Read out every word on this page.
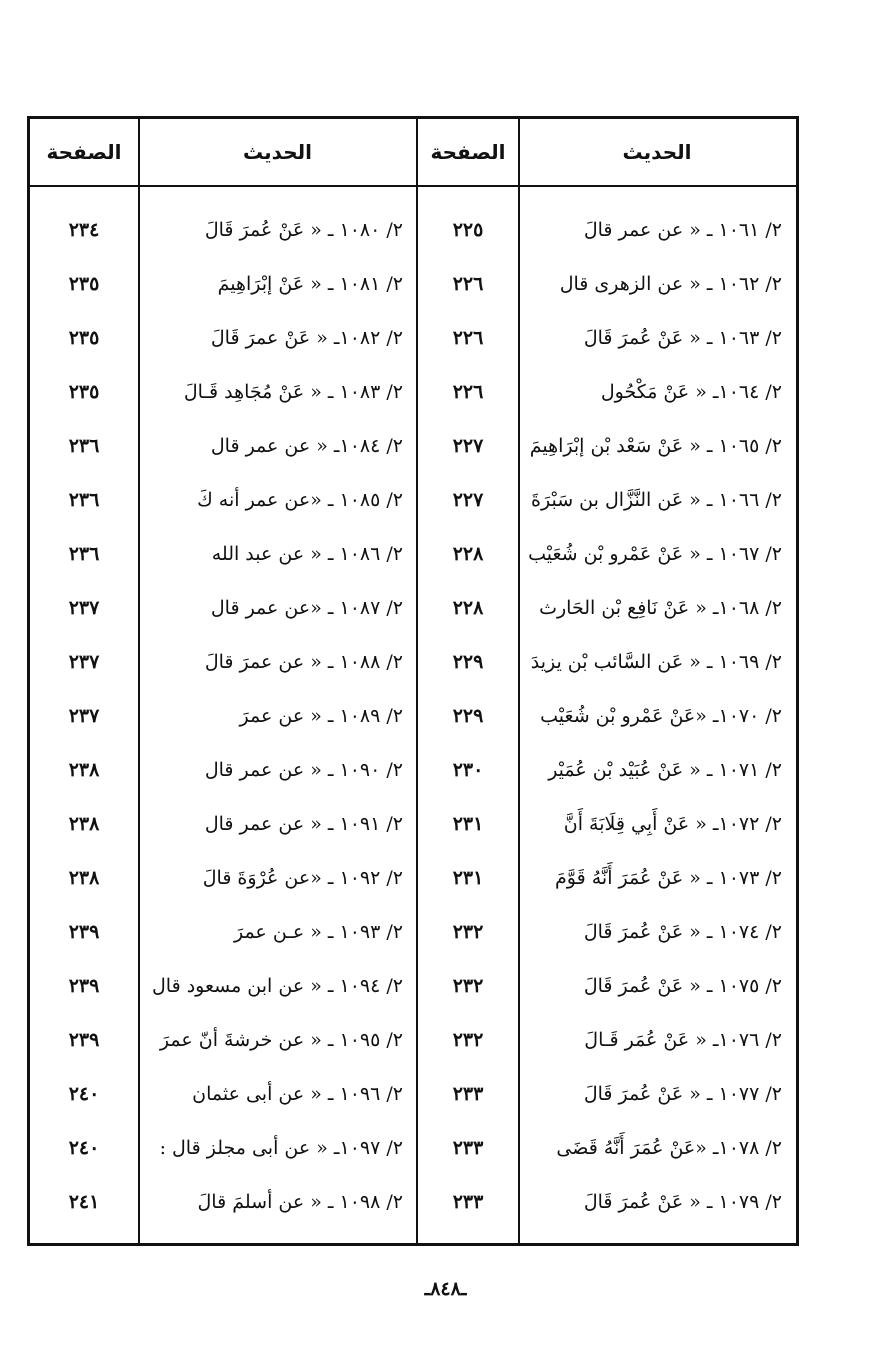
الحديث
الصفحة
٢/ ١٠٦١ ـ « عن عمر قالَ
٢٢٥
٢/ ١٠٦٢ ـ « عن الزهرى قال
٢٢٦
٢/ ١٠٦٣ ـ « عَنْ عُمرَ قَالَ
٢٢٦
٢/ ١٠٦٤ـ « عَنْ مَكْحُول
٢٢٦
٢/ ١٠٦٥ ـ « عَنْ سَعْد بْن إبْرَاهِيمَ
٢٢٧
٢/ ١٠٦٦ ـ « عَن النَّزَّال بن سَبْرَةَ
٢٢٧
٢/ ١٠٦٧ ـ « عَنْ عَمْرو بْن شُعَيْب
٢٢٨
٢/ ١٠٦٨ـ « عَنْ نَافِع بْن الحَارث
٢٢٨
٢/ ١٠٦٩ ـ « عَن السَّائب بْن يزيدَ
٢٢٩
٢/ ١٠٧٠ـ «عَنْ عَمْرو بْن شُعَيْب
٢٢٩
٢/ ١٠٧١ ـ « عَنْ عُبَيْد بْن عُمَيْر
٢٣٠
٢/ ١٠٧٢ـ « عَنْ أَبِي قِلَابَةَ أَنَّ
٢٣١
٢/ ١٠٧٣ ـ « عَنْ عُمَرَ أَنَّهُ قَوَّمَ
٢٣١
٢/ ١٠٧٤ ـ « عَنْ عُمرَ قَالَ
٢٣٢
٢/ ١٠٧٥ ـ « عَنْ عُمرَ قَالَ
٢٣٢
٢/ ١٠٧٦ـ « عَنْ عُمَر قَـالَ
٢٣٢
٢/ ١٠٧٧ ـ « عَنْ عُمرَ قَالَ
٢٣٣
٢/ ١٠٧٨ـ «عَنْ عُمَرَ أَنَّهُ قَضَى
٢٣٣
٢/ ١٠٧٩ ـ « عَنْ عُمرَ قَالَ
٢٣٣
الحديث
الصفحة
٢/ ١٠٨٠ ـ « عَنْ عُمرَ قَالَ
٢٣٤
٢/ ١٠٨١ ـ « عَنْ إبْرَاهِيمَ
٢٣٥
٢/ ١٠٨٢ـ « عَنْ عمرَ قَالَ
٢٣٥
٢/ ١٠٨٣ ـ « عَنْ مُجَاهِد قَـالَ
٢٣٥
٢/ ١٠٨٤ـ « عن عمر قال
٢٣٦
٢/ ١٠٨٥ ـ «عن عمر أنه كَ
٢٣٦
٢/ ١٠٨٦ ـ « عن عبد الله
٢٣٦
٢/ ١٠٨٧ ـ «عن عمر قال
٢٣٧
٢/ ١٠٨٨ ـ « عن عمرَ قالَ
٢٣٧
٢/ ١٠٨٩ ـ « عن عمرَ
٢٣٧
٢/ ١٠٩٠ ـ « عن عمر قال
٢٣٨
٢/ ١٠٩١ ـ « عن عمر قال
٢٣٨
٢/ ١٠٩٢ ـ «عن عُرْوَةَ قالَ
٢٣٨
٢/ ١٠٩٣ ـ « عـن عمرَ
٢٣٩
٢/ ١٠٩٤ ـ « عن ابن مسعود قال
٢٣٩
٢/ ١٠٩٥ ـ « عن خرشةَ أنّ عمرَ
٢٣٩
٢/ ١٠٩٦ ـ « عن أبى عثمان
٢٤٠
٢/ ١٠٩٧ـ « عن أبى مجلز قال :
٢٤٠
٢/ ١٠٩٨ ـ « عن أسلمَ قالَ
٢٤١
ـ٨٤٨ـ
